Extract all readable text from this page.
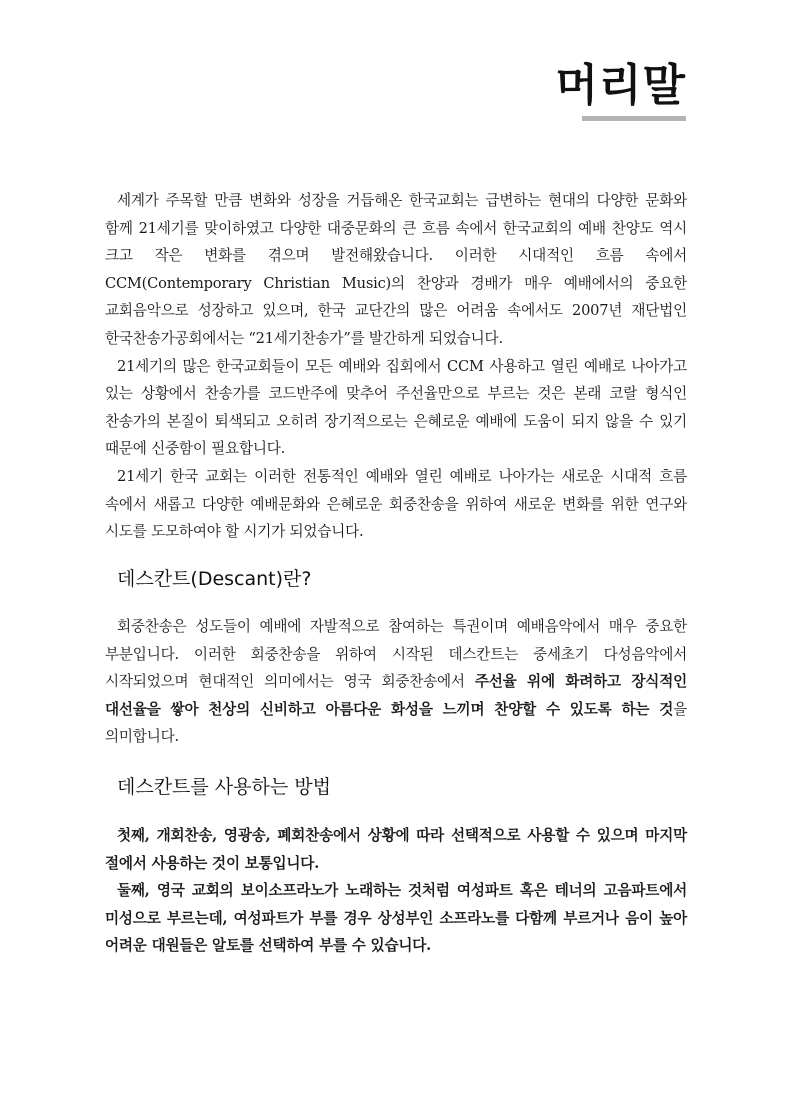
머리말

세계가 주목할 만큼 변화와 성장을 거듭해온 한국교회는 급변하는 현대의 다양한 문화와 함께 21세기를 맞이하였고 다양한 대중문화의 큰 흐름 속에서 한국교회의 예배 찬양도 역시 크고 작은 변화를 겪으며 발전해왔습니다. 이러한 시대적인 흐름 속에서 CCM(Contemporary Christian Music)의 찬양과 경배가 매우 예배에서의 중요한 교회음악으로 성장하고 있으며, 한국 교단간의 많은 어려움 속에서도 2007년 재단법인 한국찬송가공회에서는 “21세기찬송가”를 발간하게 되었습니다.

21세기의 많은 한국교회들이 모든 예배와 집회에서 CCM 사용하고 열린 예배로 나아가고 있는 상황에서 찬송가를 코드반주에 맞추어 주선율만으로 부르는 것은 본래 코랄 형식인 찬송가의 본질이 퇴색되고 오히려 장기적으로는 은혜로운 예배에 도움이 되지 않을 수 있기 때문에 신중함이 필요합니다.

21세기 한국 교회는 이러한 전통적인 예배와 열린 예배로 나아가는 새로운 시대적 흐름 속에서 새롭고 다양한 예배문화와 은혜로운 회중찬송을 위하여 새로운 변화를 위한 연구와 시도를 도모하여야 할 시기가 되었습니다.

데스칸트(Descant)란?

회중찬송은 성도들이 예배에 자발적으로 참여하는 특권이며 예배음악에서 매우 중요한 부분입니다. 이러한 회중찬송을 위하여 시작된 데스칸트는 중세초기 다성음악에서 시작되었으며 현대적인 의미에서는 영국 회중찬송에서 주선율 위에 화려하고 장식적인 대선율을 쌓아 천상의 신비하고 아름다운 화성을 느끼며 찬양할 수 있도록 하는 것을 의미합니다.

데스칸트를 사용하는 방법

첫째, 개회찬송, 영광송, 폐회찬송에서 상황에 따라 선택적으로 사용할 수 있으며 마지막 절에서 사용하는 것이 보통입니다.

둘째, 영국 교회의 보이소프라노가 노래하는 것처럼 여성파트 혹은 테너의 고음파트에서 미성으로 부르는데, 여성파트가 부를 경우 상성부인 소프라노를 다함께 부르거나 음이 높아 어려운 대원들은 알토를 선택하여 부를 수 있습니다.
